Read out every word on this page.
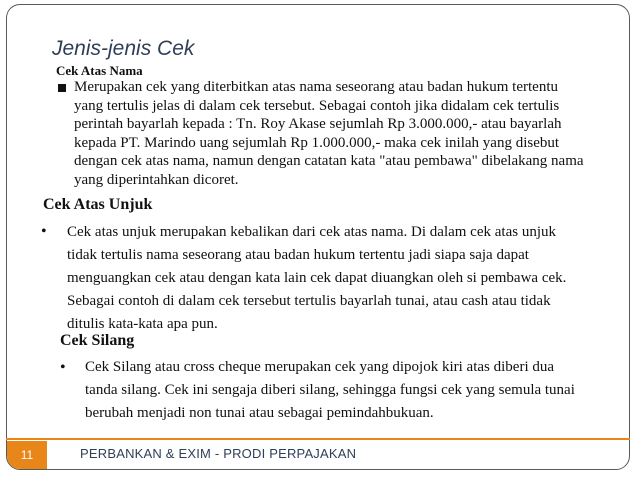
Jenis-jenis Cek
Cek Atas Nama
Merupakan cek yang diterbitkan atas nama seseorang atau badan hukum tertentu
yang tertulis jelas di dalam cek tersebut. Sebagai contoh jika didalam cek tertulis
perintah bayarlah kepada : Tn. Roy Akase sejumlah Rp 3.000.000,- atau bayarlah
kepada PT. Marindo uang sejumlah Rp 1.000.000,- maka cek inilah yang disebut
dengan cek atas nama, namun dengan catatan kata "atau pembawa" dibelakang nama
yang diperintahkan dicoret.
Cek Atas Unjuk
• Cek atas unjuk merupakan kebalikan dari cek atas nama. Di dalam cek atas unjuk
tidak tertulis nama seseorang atau badan hukum tertentu jadi siapa saja dapat
menguangkan cek atau dengan kata lain cek dapat diuangkan oleh si pembawa cek.
Sebagai contoh di dalam cek tersebut tertulis bayarlah tunai, atau cash atau tidak
ditulis kata-kata apa pun.
Cek Silang
• Cek Silang atau cross cheque merupakan cek yang dipojok kiri atas diberi dua
tanda silang. Cek ini sengaja diberi silang, sehingga fungsi cek yang semula tunai
berubah menjadi non tunai atau sebagai pemindahbukuan.
11	PERBANKAN & EXIM - PRODI PERPAJAKAN
